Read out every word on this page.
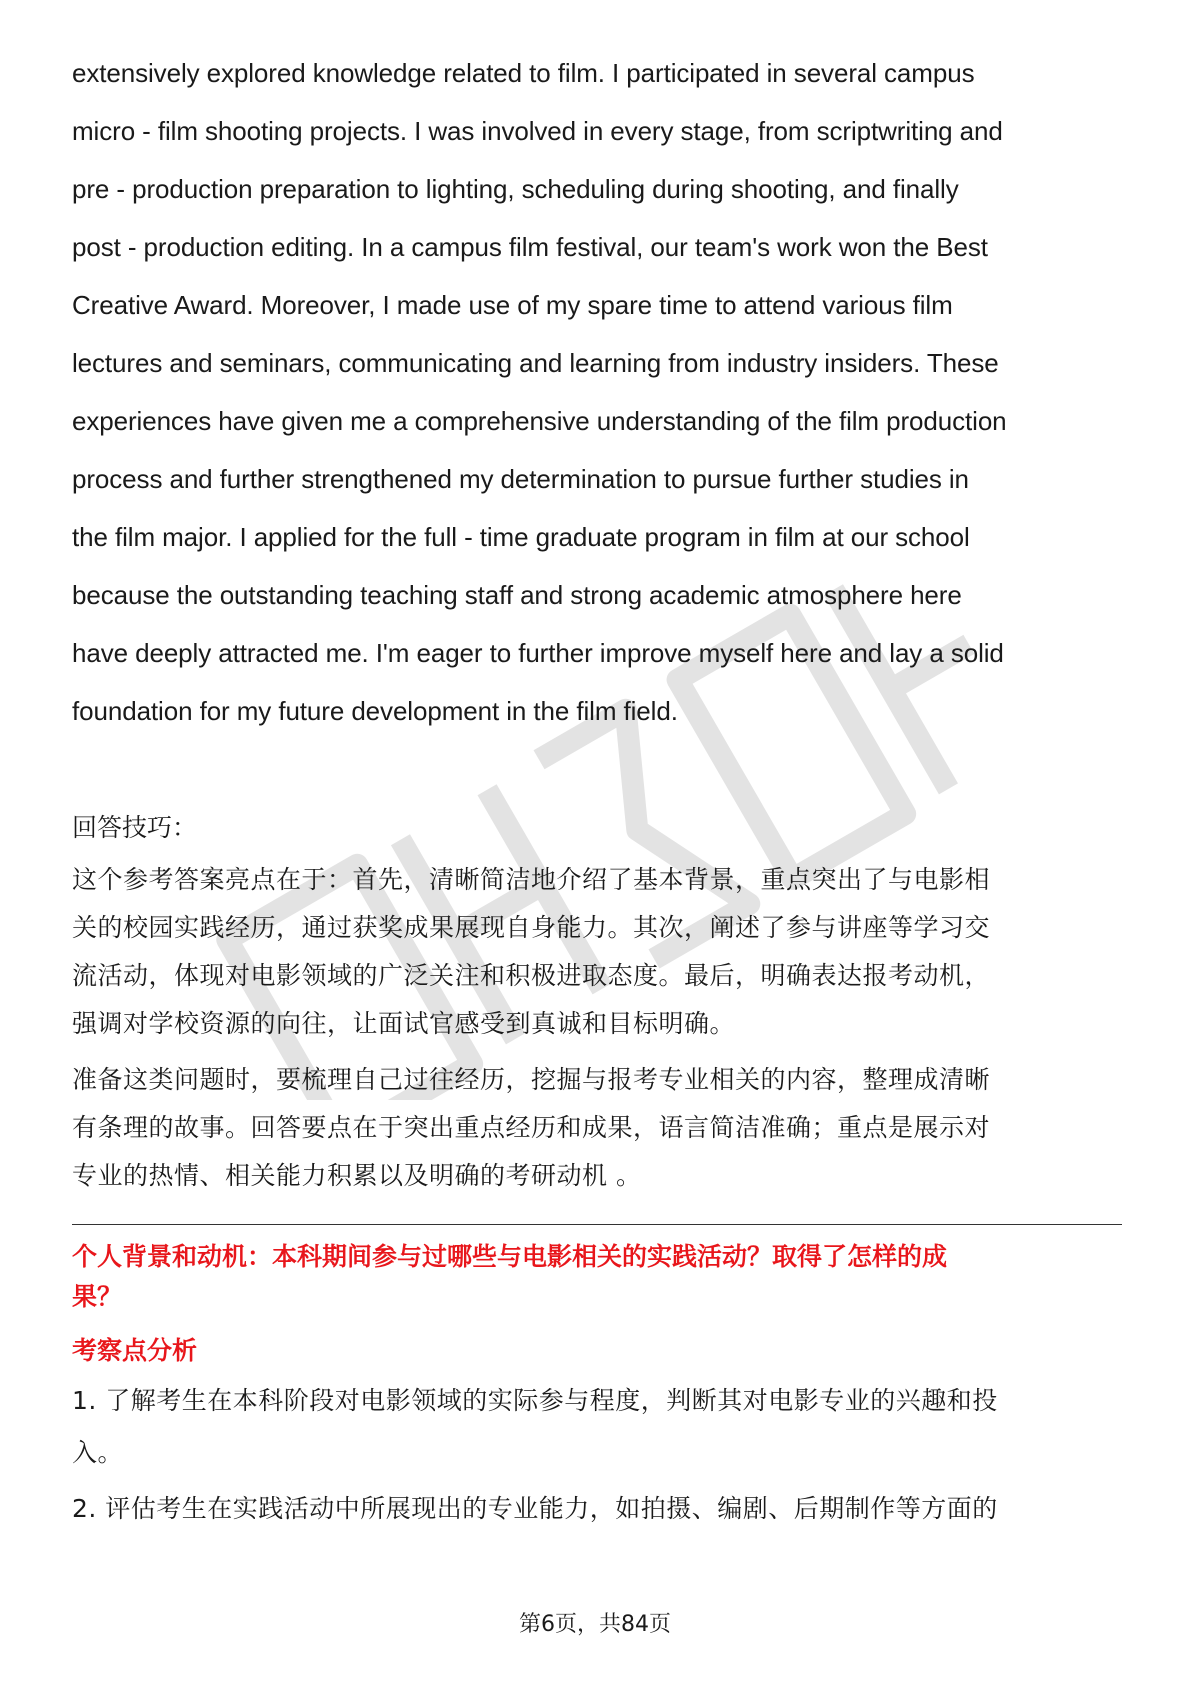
extensively explored knowledge related to film. I participated in several campus
micro - film shooting projects. I was involved in every stage, from scriptwriting and
pre - production preparation to lighting, scheduling during shooting, and finally
post - production editing. In a campus film festival, our team's work won the Best
Creative Award. Moreover, I made use of my spare time to attend various film
lectures and seminars, communicating and learning from industry insiders. These
experiences have given me a comprehensive understanding of the film production
process and further strengthened my determination to pursue further studies in
the film major. I applied for the full - time graduate program in film at our school
because the outstanding teaching staff and strong academic atmosphere here
have deeply attracted me. I'm eager to further improve myself here and lay a solid
foundation for my future development in the film field.

回答技巧：

这个参考答案亮点在于：首先，清晰简洁地介绍了基本背景，重点突出了与电影相
关的校园实践经历，通过获奖成果展现自身能力。其次，阐述了参与讲座等学习交
流活动，体现对电影领域的广泛关注和积极进取态度。最后，明确表达报考动机，
强调对学校资源的向往，让面试官感受到真诚和目标明确。

准备这类问题时，要梳理自己过往经历，挖掘与报考专业相关的内容，整理成清晰
有条理的故事。回答要点在于突出重点经历和成果，语言简洁准确；重点是展示对
专业的热情、相关能力积累以及明确的考研动机 。

个人背景和动机：本科期间参与过哪些与电影相关的实践活动？取得了怎样的成
果？

考察点分析

1. 了解考生在本科阶段对电影领域的实际参与程度，判断其对电影专业的兴趣和投
入。

2. 评估考生在实践活动中所展现出的专业能力，如拍摄、编剧、后期制作等方面的

第6页，共84页
